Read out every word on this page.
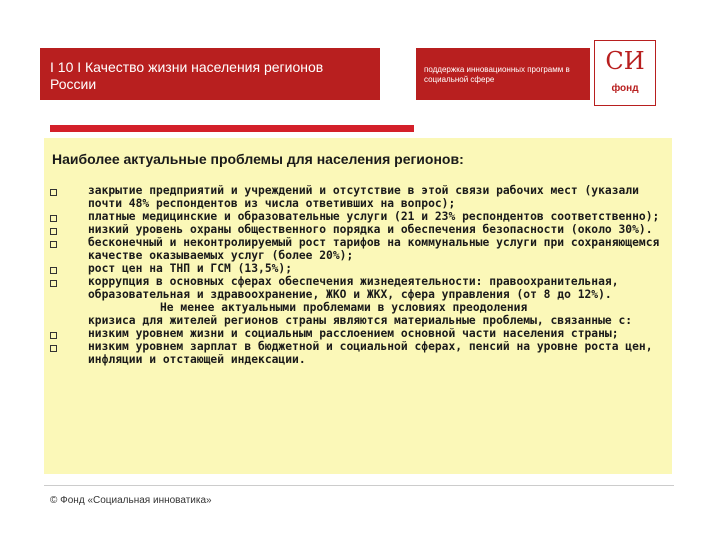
I 10 I Качество жизни населения регионов России
поддержка инновационных программ в социальной сфере
СИ
фонд
Наиболее актуальные проблемы для населения регионов:
закрытие предприятий и учреждений и отсутствие в этой связи рабочих мест (указали почти 48% респондентов из числа ответивших на вопрос);
платные медицинские и образовательные услуги (21 и 23% респондентов соответственно);
низкий уровень охраны общественного порядка и обеспечения безопасности (около 30%).
бесконечный и неконтролируемый рост тарифов на коммунальные услуги при сохраняющемся качестве оказываемых услуг (более 20%);
рост цен на ТНП и ГСМ (13,5%);
коррупция в основных сферах обеспечения жизнедеятельности: правоохранительная, образовательная и здравоохранение, ЖКО и ЖКХ, сфера управления (от 8 до 12%).
Не менее актуальными проблемами в условиях преодоления
кризиса для жителей регионов страны являются материальные проблемы, связанные с:
низким уровнем жизни и социальным расслоением основной части населения страны;
низким уровнем зарплат в бюджетной и социальной сферах, пенсий на уровне роста цен, инфляции и отстающей индексации.
© Фонд «Социальная инноватика»
